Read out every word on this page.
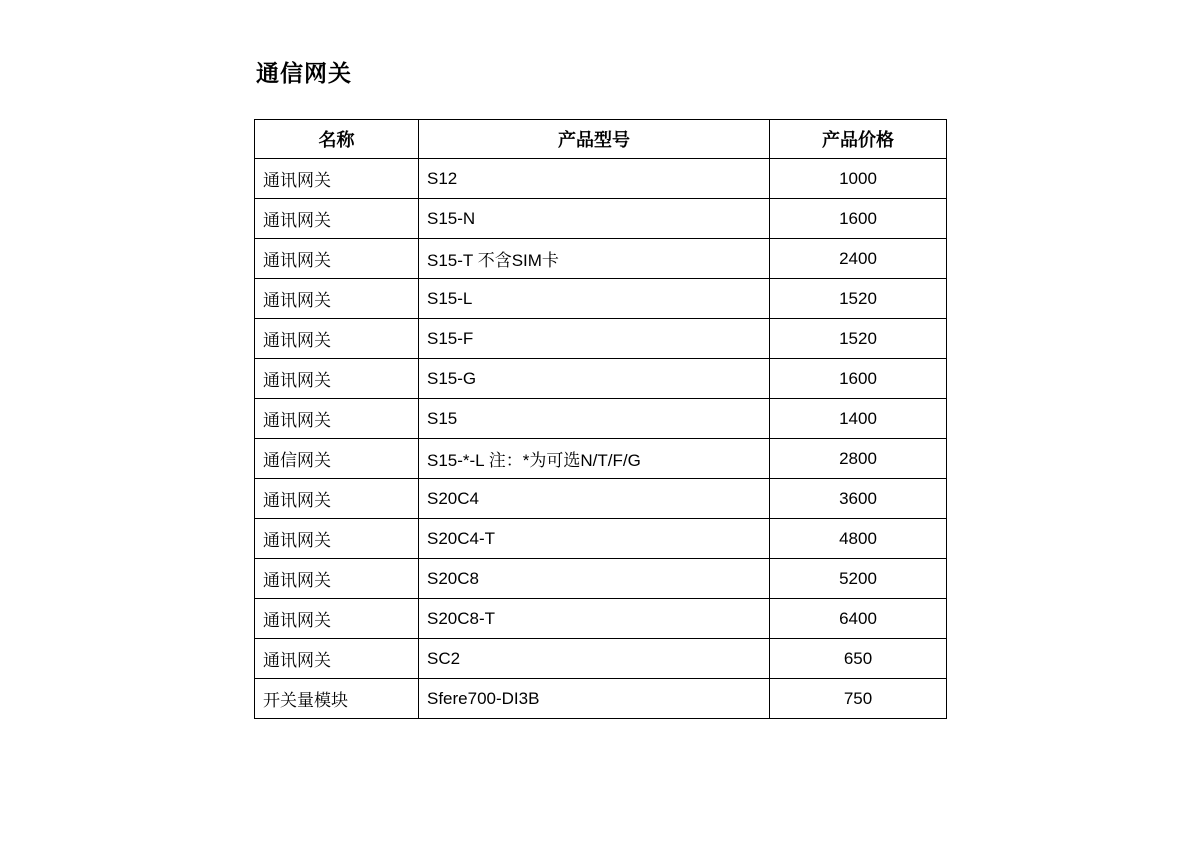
通信网关
名称	产品型号	产品价格
通讯网关	S12	1000
通讯网关	S15-N	1600
通讯网关	S15-T 不含SIM卡	2400
通讯网关	S15-L	1520
通讯网关	S15-F	1520
通讯网关	S15-G	1600
通讯网关	S15	1400
通信网关	S15-*-L 注：*为可选N/T/F/G	2800
通讯网关	S20C4	3600
通讯网关	S20C4-T	4800
通讯网关	S20C8	5200
通讯网关	S20C8-T	6400
通讯网关	SC2	650
开关量模块	Sfere700-DI3B	750
